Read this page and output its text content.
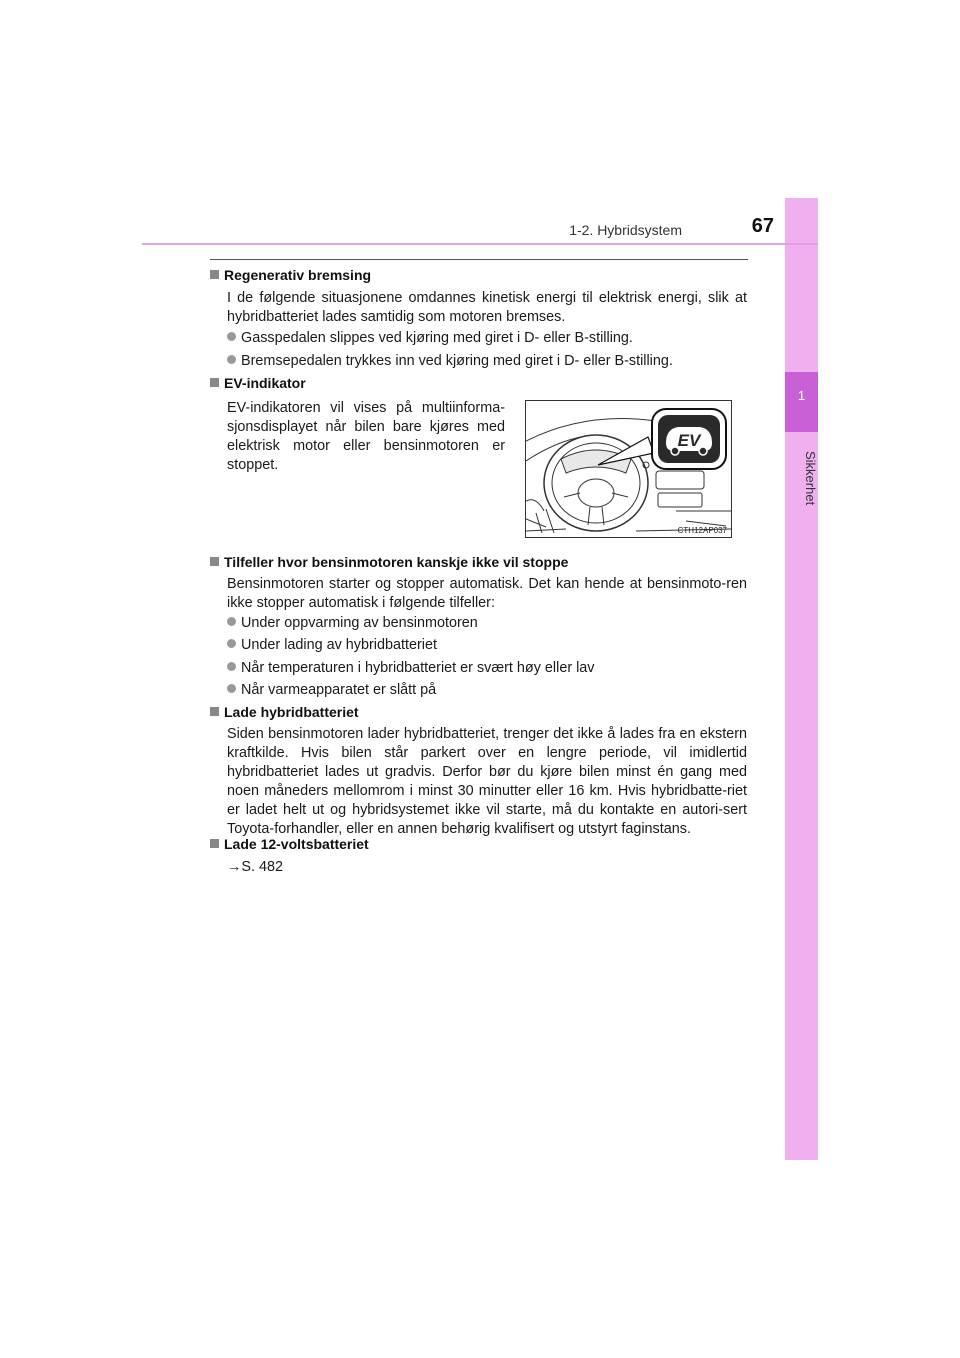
1
Sikkerhet
1-2. Hybridsystem	67
Regenerativ bremsing
I de følgende situasjonene omdannes kinetisk energi til elektrisk energi, slik at hybridbatteriet lades samtidig som motoren bremses.
Gasspedalen slippes ved kjøring med giret i D- eller B-stilling.
Bremsepedalen trykkes inn ved kjøring med giret i D- eller B-stilling.
EV-indikator
EV-indikatoren vil vises på multiinforma-sjonsdisplayet når bilen bare kjøres med elektrisk motor eller bensinmotoren er stoppet.
EV
CTH12AP037
Tilfeller hvor bensinmotoren kanskje ikke vil stoppe
Bensinmotoren starter og stopper automatisk. Det kan hende at bensinmoto-ren ikke stopper automatisk i følgende tilfeller:
Under oppvarming av bensinmotoren
Under lading av hybridbatteriet
Når temperaturen i hybridbatteriet er svært høy eller lav
Når varmeapparatet er slått på
Lade hybridbatteriet
Siden bensinmotoren lader hybridbatteriet, trenger det ikke å lades fra en ekstern kraftkilde. Hvis bilen står parkert over en lengre periode, vil imidlertid hybridbatteriet lades ut gradvis. Derfor bør du kjøre bilen minst én gang med noen måneders mellomrom i minst 30 minutter eller 16 km. Hvis hybridbatte-riet er ladet helt ut og hybridsystemet ikke vil starte, må du kontakte en autori-sert Toyota-forhandler, eller en annen behørig kvalifisert og utstyrt faginstans.
Lade 12-voltsbatteriet
→S. 482
